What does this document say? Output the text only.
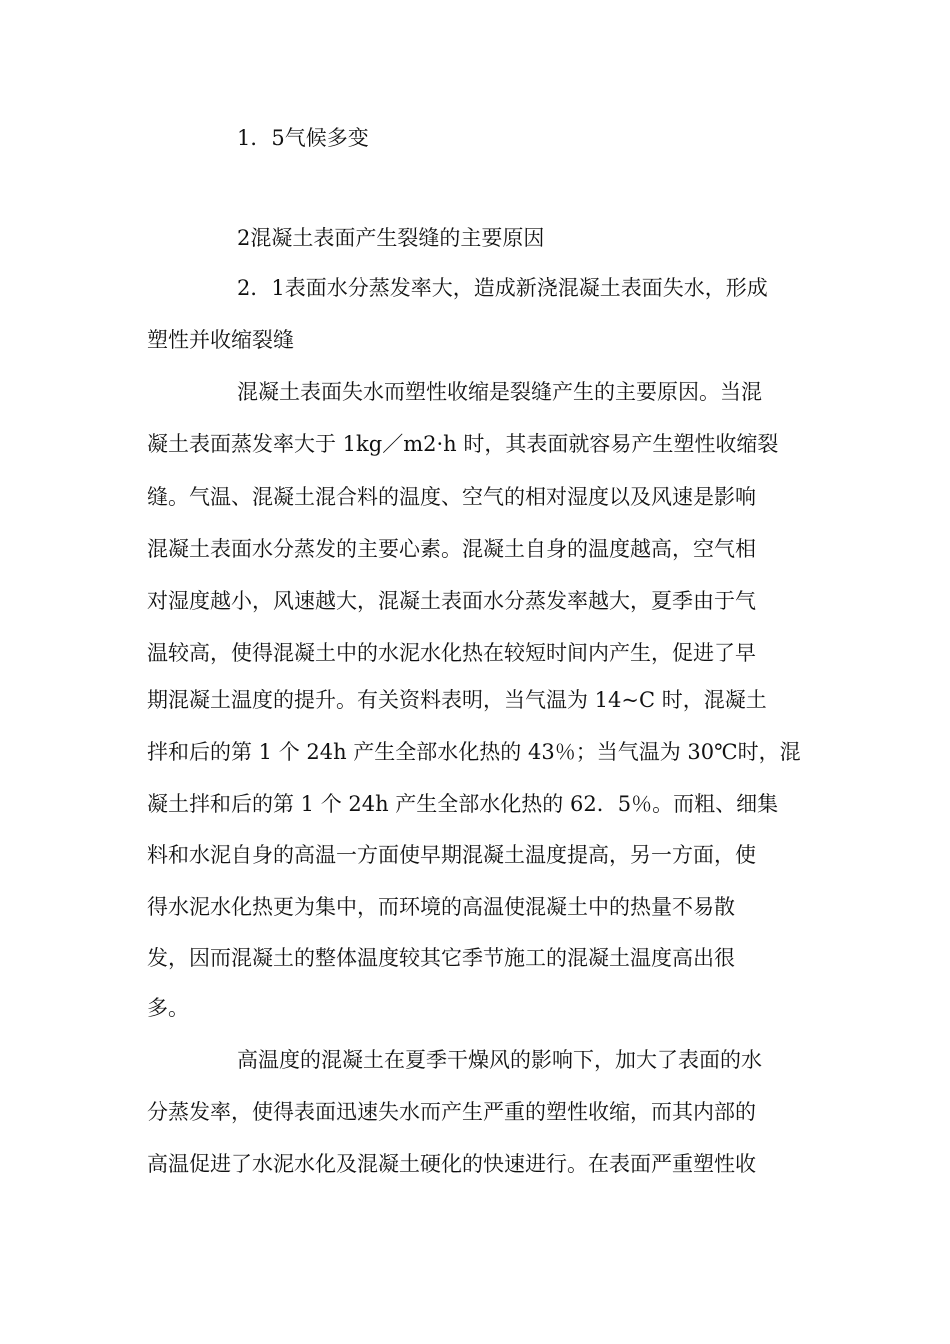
1．5气候多变
2混凝土表面产生裂缝的主要原因
2．1表面水分蒸发率大，造成新浇混凝土表面失水，形成
塑性并收缩裂缝
混凝土表面失水而塑性收缩是裂缝产生的主要原因。当混
凝土表面蒸发率大于 1kg／m2·h 时，其表面就容易产生塑性收缩裂
缝。气温、混凝土混合料的温度、空气的相对湿度以及风速是影响
混凝土表面水分蒸发的主要心素。混凝土自身的温度越高，空气相
对湿度越小，风速越大，混凝土表面水分蒸发率越大，夏季由于气
温较高，使得混凝土中的水泥水化热在较短时间内产生，促进了早
期混凝土温度的提升。有关资料表明，当气温为 14~C 时，混凝土
拌和后的第 1 个 24h 产生全部水化热的 43％；当气温为 30℃时，混
凝土拌和后的第 1 个 24h 产生全部水化热的 62．5％。而粗、细集
料和水泥自身的高温一方面使早期混凝土温度提高，另一方面，使
得水泥水化热更为集中，而环境的高温使混凝土中的热量不易散
发，因而混凝土的整体温度较其它季节施工的混凝土温度高出很
多。
高温度的混凝土在夏季干燥风的影响下，加大了表面的水
分蒸发率，使得表面迅速失水而产生严重的塑性收缩，而其内部的
高温促进了水泥水化及混凝土硬化的快速进行。在表面严重塑性收
